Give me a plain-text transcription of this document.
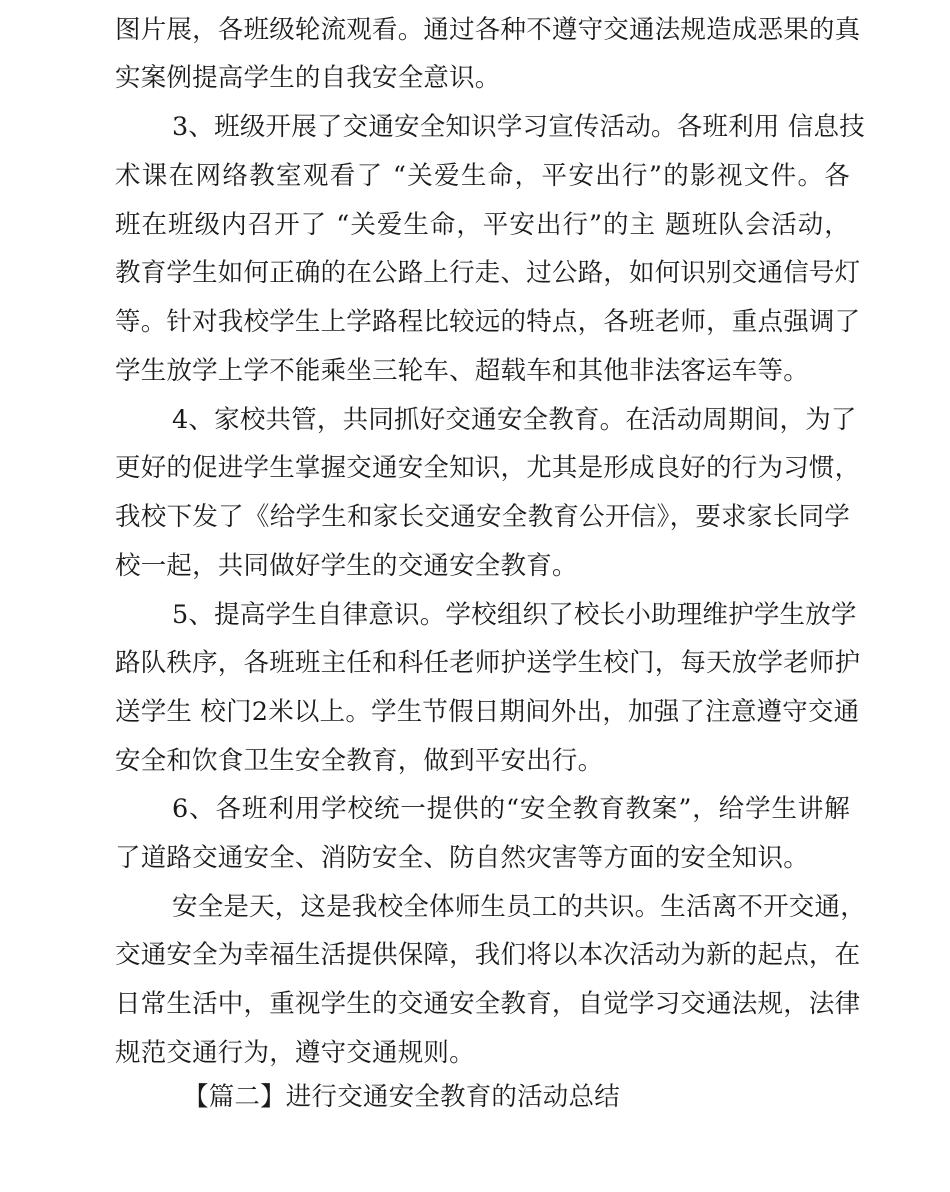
图片展，各班级轮流观看。通过各种不遵守交通法规造成恶果的真
实案例提高学生的自我安全意识。
3、班级开展了交通安全知识学习宣传活动。各班利用 信息技
术课在网络教室观看了 “关爱生命，平安出行”的影视文件。各
班在班级内召开了 “关爱生命，平安出行”的主 题班队会活动，
教育学生如何正确的在公路上行走、过公路，如何识别交通信号灯
等。针对我校学生上学路程比较远的特点，各班老师，重点强调了
学生放学上学不能乘坐三轮车、超载车和其他非法客运车等。
4、家校共管，共同抓好交通安全教育。在活动周期间，为了
更好的促进学生掌握交通安全知识，尤其是形成良好的行为习惯，
我校下发了《给学生和家长交通安全教育公开信》，要求家长同学
校一起，共同做好学生的交通安全教育。
5、提高学生自律意识。学校组织了校长小助理维护学生放学
路队秩序，各班班主任和科任老师护送学生校门，每天放学老师护
送学生 校门2米以上。学生节假日期间外出，加强了注意遵守交通
安全和饮食卫生安全教育，做到平安出行。
6、各班利用学校统一提供的“安全教育教案”，给学生讲解
了道路交通安全、消防安全、防自然灾害等方面的安全知识。
安全是天，这是我校全体师生员工的共识。生活离不开交通，
交通安全为幸福生活提供保障，我们将以本次活动为新的起点，在
日常生活中，重视学生的交通安全教育，自觉学习交通法规，法律
规范交通行为，遵守交通规则。
【篇二】进行交通安全教育的活动总结
